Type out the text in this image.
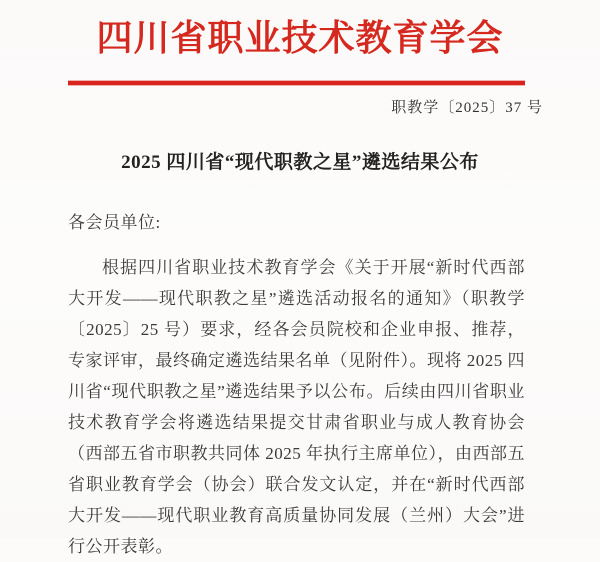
四川省职业技术教育学会
职教学〔2025〕37 号
2025 四川省“现代职教之星”遴选结果公布
各会员单位:
根据四川省职业技术教育学会《关于开展“新时代西部大开发——现代职教之星”遴选活动报名的通知》（职教学〔2025〕25 号）要求，经各会员院校和企业申报、推荐，专家评审，最终确定遴选结果名单（见附件）。现将 2025 四川省“现代职教之星”遴选结果予以公布。后续由四川省职业技术教育学会将遴选结果提交甘肃省职业与成人教育协会（西部五省市职教共同体 2025 年执行主席单位），由西部五省职业教育学会（协会）联合发文认定，并在“新时代西部大开发——现代职业教育高质量协同发展（兰州）大会”进行公开表彰。
